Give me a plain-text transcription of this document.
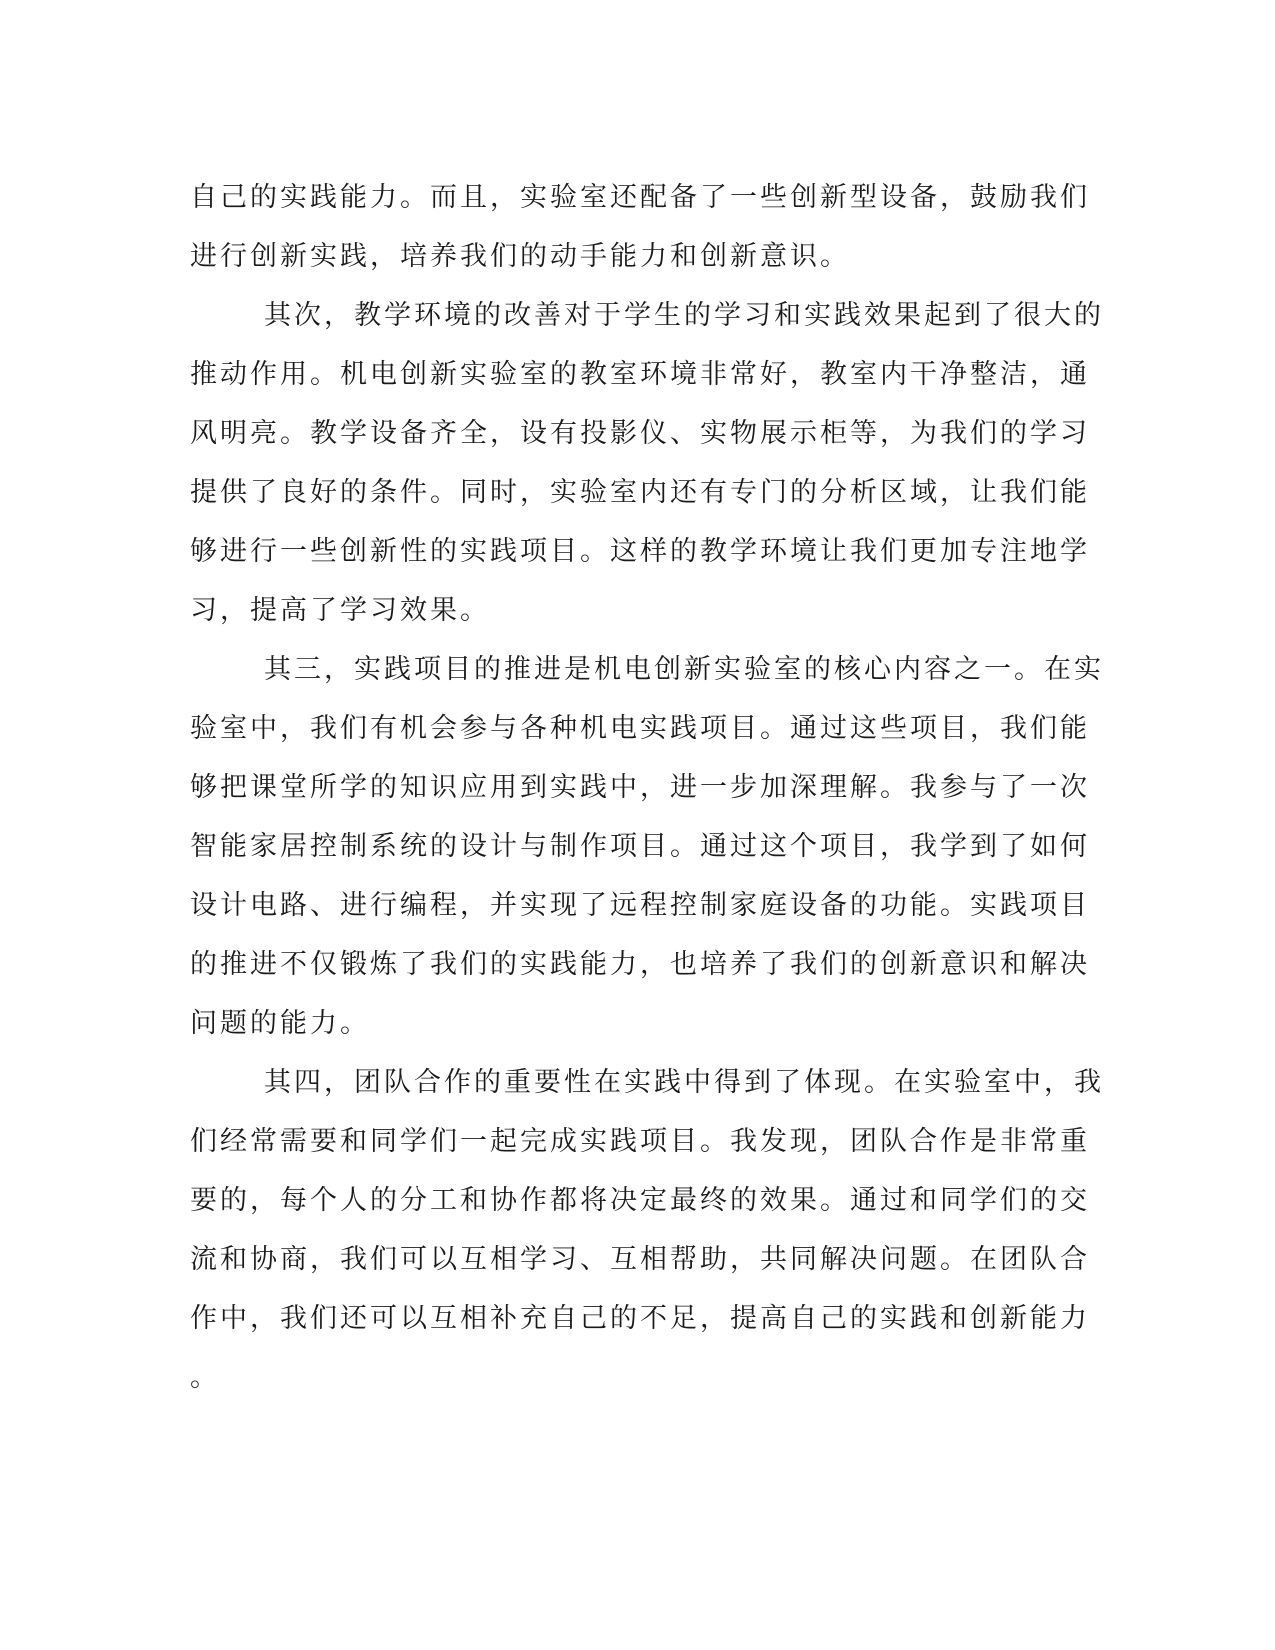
自己的实践能力。而且，实验室还配备了一些创新型设备，鼓励我们
进行创新实践，培养我们的动手能力和创新意识。
其次，教学环境的改善对于学生的学习和实践效果起到了很大的
推动作用。机电创新实验室的教室环境非常好，教室内干净整洁，通
风明亮。教学设备齐全，设有投影仪、实物展示柜等，为我们的学习
提供了良好的条件。同时，实验室内还有专门的分析区域，让我们能
够进行一些创新性的实践项目。这样的教学环境让我们更加专注地学
习，提高了学习效果。
其三，实践项目的推进是机电创新实验室的核心内容之一。在实
验室中，我们有机会参与各种机电实践项目。通过这些项目，我们能
够把课堂所学的知识应用到实践中，进一步加深理解。我参与了一次
智能家居控制系统的设计与制作项目。通过这个项目，我学到了如何
设计电路、进行编程，并实现了远程控制家庭设备的功能。实践项目
的推进不仅锻炼了我们的实践能力，也培养了我们的创新意识和解决
问题的能力。
其四，团队合作的重要性在实践中得到了体现。在实验室中，我
们经常需要和同学们一起完成实践项目。我发现，团队合作是非常重
要的，每个人的分工和协作都将决定最终的效果。通过和同学们的交
流和协商，我们可以互相学习、互相帮助，共同解决问题。在团队合
作中，我们还可以互相补充自己的不足，提高自己的实践和创新能力
。
